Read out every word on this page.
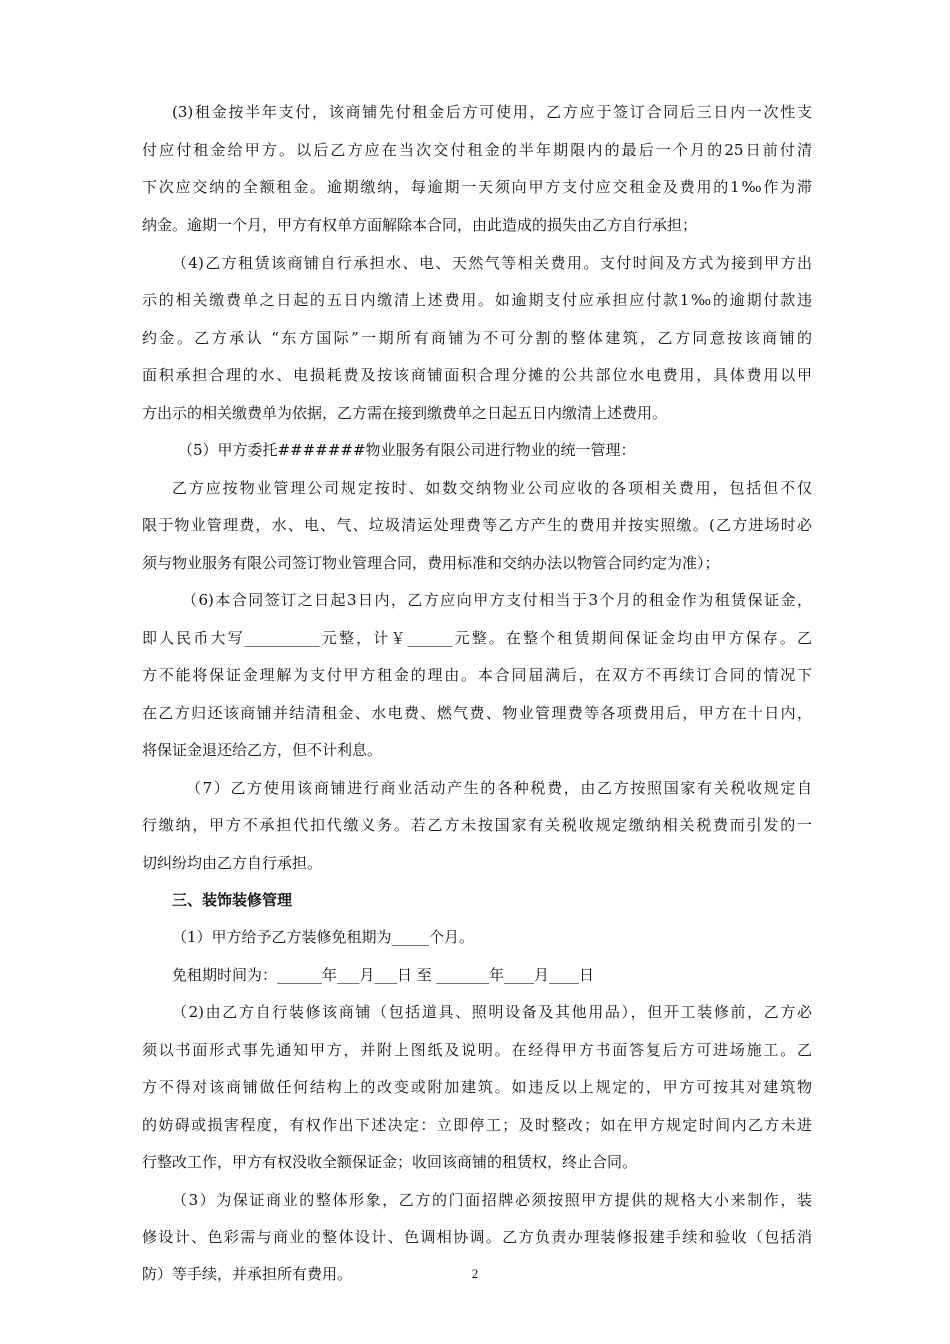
(3)租金按半年支付，该商铺先付租金后方可使用，乙方应于签订合同后三日内一次性支
付应付租金给甲方。以后乙方应在当次交付租金的半年期限内的最后一个月的25日前付清
下次应交纳的全额租金。逾期缴纳，每逾期一天须向甲方支付应交租金及费用的1‰作为滞
纳金。逾期一个月，甲方有权单方面解除本合同，由此造成的损失由乙方自行承担；
（4)乙方租赁该商铺自行承担水、电、天然气等相关费用。支付时间及方式为接到甲方出
示的相关缴费单之日起的五日内缴清上述费用。如逾期支付应承担应付款1‰的逾期付款违
约金。乙方承认 “东方国际”一期所有商铺为不可分割的整体建筑，乙方同意按该商铺的
面积承担合理的水、电损耗费及按该商铺面积合理分摊的公共部位水电费用，具体费用以甲
方出示的相关缴费单为依据，乙方需在接到缴费单之日起五日内缴清上述费用。
（5）甲方委托#######物业服务有限公司进行物业的统一管理：
乙方应按物业管理公司规定按时、如数交纳物业公司应收的各项相关费用，包括但不仅
限于物业管理费，水、电、气、垃圾清运处理费等乙方产生的费用并按实照缴。(乙方进场时必
须与物业服务有限公司签订物业管理合同，费用标准和交纳办法以物管合同约定为准）；
（6)本合同签订之日起3日内，乙方应向甲方支付相当于3个月的租金作为租赁保证金，
即人民币大写__________元整，计￥______元整。在整个租赁期间保证金均由甲方保存。乙
方不能将保证金理解为支付甲方租金的理由。本合同届满后，在双方不再续订合同的情况下
在乙方归还该商铺并结清租金、水电费、燃气费、物业管理费等各项费用后，甲方在十日内，
将保证金退还给乙方，但不计利息。
（7）乙方使用该商铺进行商业活动产生的各种税费，由乙方按照国家有关税收规定自
行缴纳，甲方不承担代扣代缴义务。若乙方未按国家有关税收规定缴纳相关税费而引发的一
切纠纷均由乙方自行承担。
三、装饰装修管理
（1）甲方给予乙方装修免租期为_____个月。
免租期时间为：______年___月___日 至 _______年____月____日
（2)由乙方自行装修该商铺（包括道具、照明设备及其他用品），但开工装修前，乙方必
须以书面形式事先通知甲方，并附上图纸及说明。在经得甲方书面答复后方可进场施工。乙
方不得对该商铺做任何结构上的改变或附加建筑。如违反以上规定的，甲方可按其对建筑物
的妨碍或损害程度，有权作出下述决定：立即停工；及时整改；如在甲方规定时间内乙方未进
行整改工作，甲方有权没收全额保证金；收回该商铺的租赁权，终止合同。
（3）为保证商业的整体形象，乙方的门面招牌必须按照甲方提供的规格大小来制作，装
修设计、色彩需与商业的整体设计、色调相协调。乙方负责办理装修报建手续和验收（包括消
防）等手续，并承担所有费用。	2
